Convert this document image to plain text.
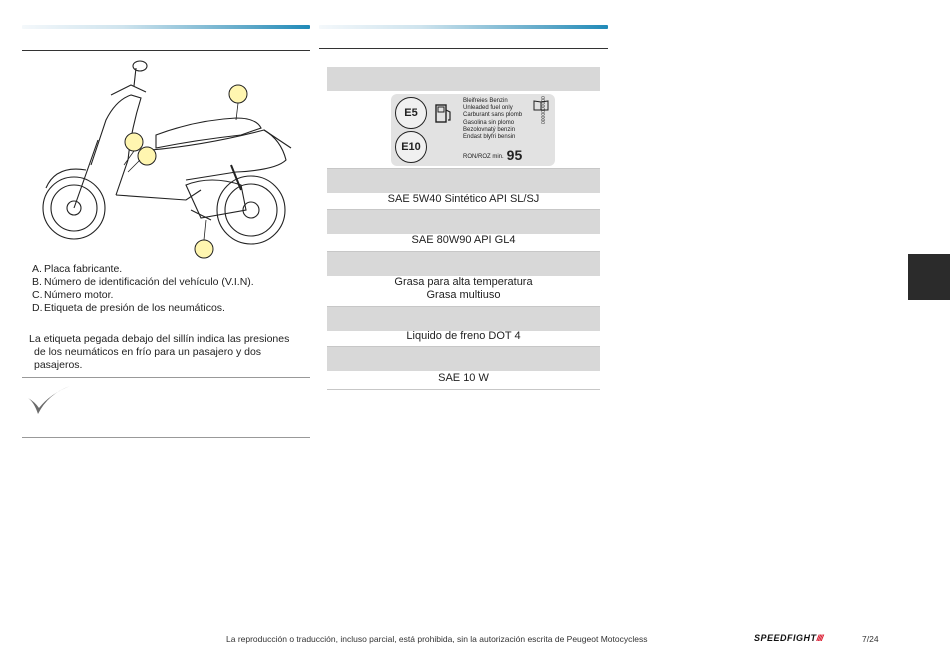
A. Placa fabricante.
B. Número de identificación del vehículo (V.I.N).
C. Número motor.
D. Etiqueta de presión de los neumáticos.
La etiqueta pegada debajo del sillín indica las presiones
de los neumáticos en frío para un pasajero y dos
pasajeros.
E5
E10
Bleifreies Benzin
Unleaded fuel only
Carburant sans plomb
Gasolina sin plomo
Bezolovnatý benzin
Endast blyfri bensin
RON/ROZ min. 95
0000000000
SAE 5W40 Sintético API SL/SJ
SAE 80W90 API GL4
Grasa para alta temperatura
Grasa multiuso
Liquido de freno DOT 4
SAE 10 W
La reproducción o traducción, incluso parcial, está prohibida, sin la autorización escrita de Peugeot Motocycless	SPEEDFIGHT////	7/24
